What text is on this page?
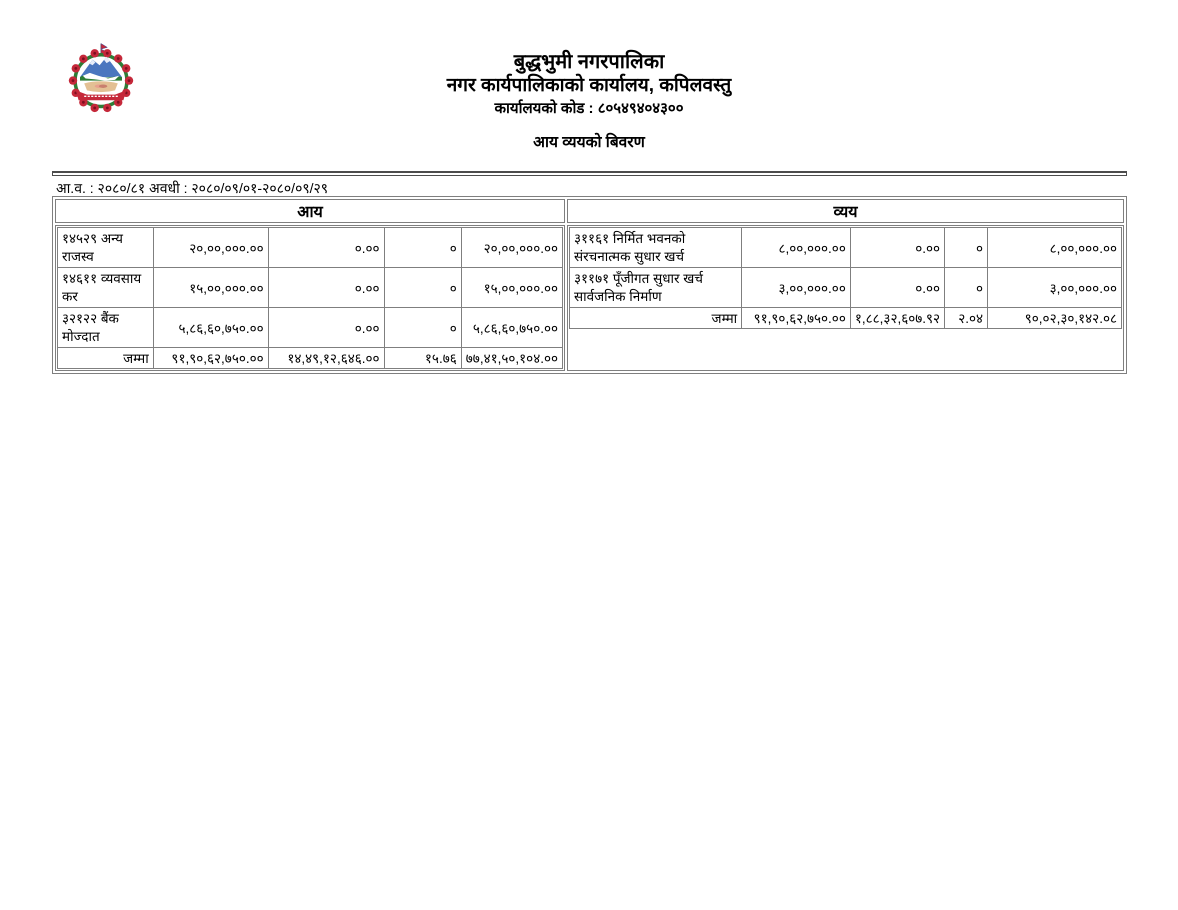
बुद्धभुमी नगरपालिका
नगर कार्यपालिकाको कार्यालय, कपिलवस्तु
कार्यालयको कोड : ८०५४९४०४३००
आय व्ययको बिवरण
आ.व. : २०८०/८१ अवधी : २०८०/०९/०१-२०८०/०९/२९
आय	व्यय

१४५२९ अन्य राजस्व	२०,००,०००.००	०.००	०	२०,००,०००.००
१४६११ व्यवसाय कर	१५,००,०००.००	०.००	०	१५,००,०००.००
३२१२२ बैंक मोज्दात	५,८६,६०,७५०.००	०.००	०	५,८६,६०,७५०.००
जम्मा	९१,९०,६२,७५०.००	१४,४९,१२,६४६.००	१५.७६	७७,४१,५०,१०४.००

३११६१ निर्मित भवनको संरचनात्मक सुधार खर्च	८,००,०००.००	०.००	०	८,००,०००.००
३११७१ पूँजीगत सुधार खर्च सार्वजनिक निर्माण	३,००,०००.००	०.००	०	३,००,०००.००
जम्मा	९१,९०,६२,७५०.००	१,८८,३२,६०७.९२	२.०४	९०,०२,३०,१४२.०८
